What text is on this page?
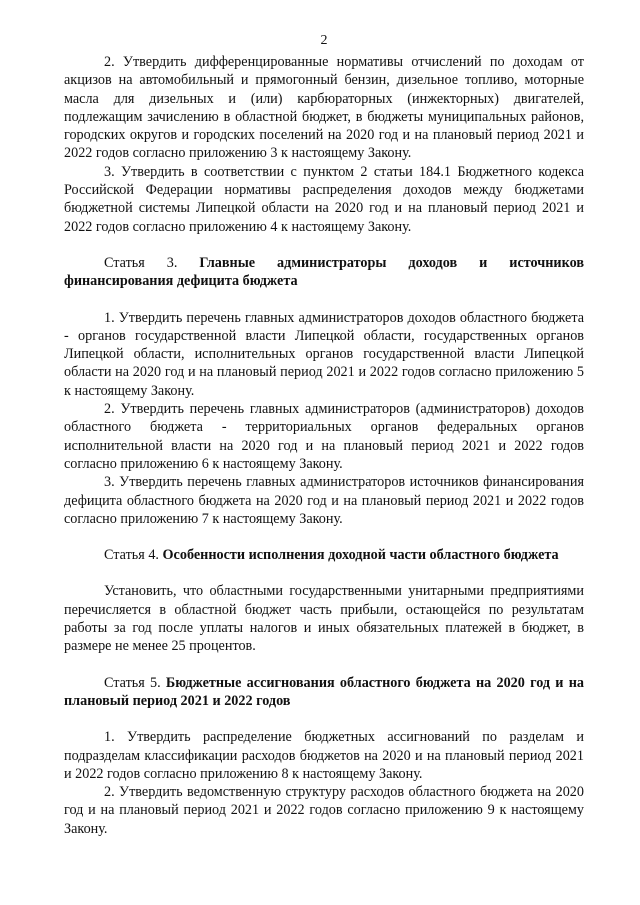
2

2. Утвердить дифференцированные нормативы отчислений по доходам от акцизов на автомобильный и прямогонный бензин, дизельное топливо, моторные масла для дизельных и (или) карбюраторных (инжекторных) двигателей, подлежащим зачислению в областной бюджет, в бюджеты муниципальных районов, городских округов и городских поселений на 2020 год и на плановый период 2021 и 2022 годов согласно приложению 3 к настоящему Закону.

3. Утвердить в соответствии с пунктом 2 статьи 184.1 Бюджетного кодекса Российской Федерации нормативы распределения доходов между бюджетами бюджетной системы Липецкой области на 2020 год и на плановый период 2021 и 2022 годов согласно приложению 4 к настоящему Закону.

Статья 3. Главные администраторы доходов и источников финансирования дефицита бюджета

1. Утвердить перечень главных администраторов доходов областного бюджета - органов государственной власти Липецкой области, государственных органов Липецкой области, исполнительных органов государственной власти Липецкой области на 2020 год и на плановый период 2021 и 2022 годов согласно приложению 5 к настоящему Закону.

2. Утвердить перечень главных администраторов (администраторов) доходов областного бюджета - территориальных органов федеральных органов исполнительной власти на 2020 год и на плановый период 2021 и 2022 годов согласно приложению 6 к настоящему Закону.

3. Утвердить перечень главных администраторов источников финансирования дефицита областного бюджета на 2020 год и на плановый период 2021 и 2022 годов согласно приложению 7 к настоящему Закону.

Статья 4. Особенности исполнения доходной части областного бюджета

Установить, что областными государственными унитарными предприятиями перечисляется в областной бюджет часть прибыли, остающейся по результатам работы за год после уплаты налогов и иных обязательных платежей в бюджет, в размере не менее 25 процентов.

Статья 5. Бюджетные ассигнования областного бюджета на 2020 год и на плановый период 2021 и 2022 годов

1. Утвердить распределение бюджетных ассигнований по разделам и подразделам классификации расходов бюджетов на 2020 и на плановый период 2021 и 2022 годов согласно приложению 8 к настоящему Закону.

2. Утвердить ведомственную структуру расходов областного бюджета на 2020 год и на плановый период 2021 и 2022 годов согласно приложению 9 к настоящему Закону.
